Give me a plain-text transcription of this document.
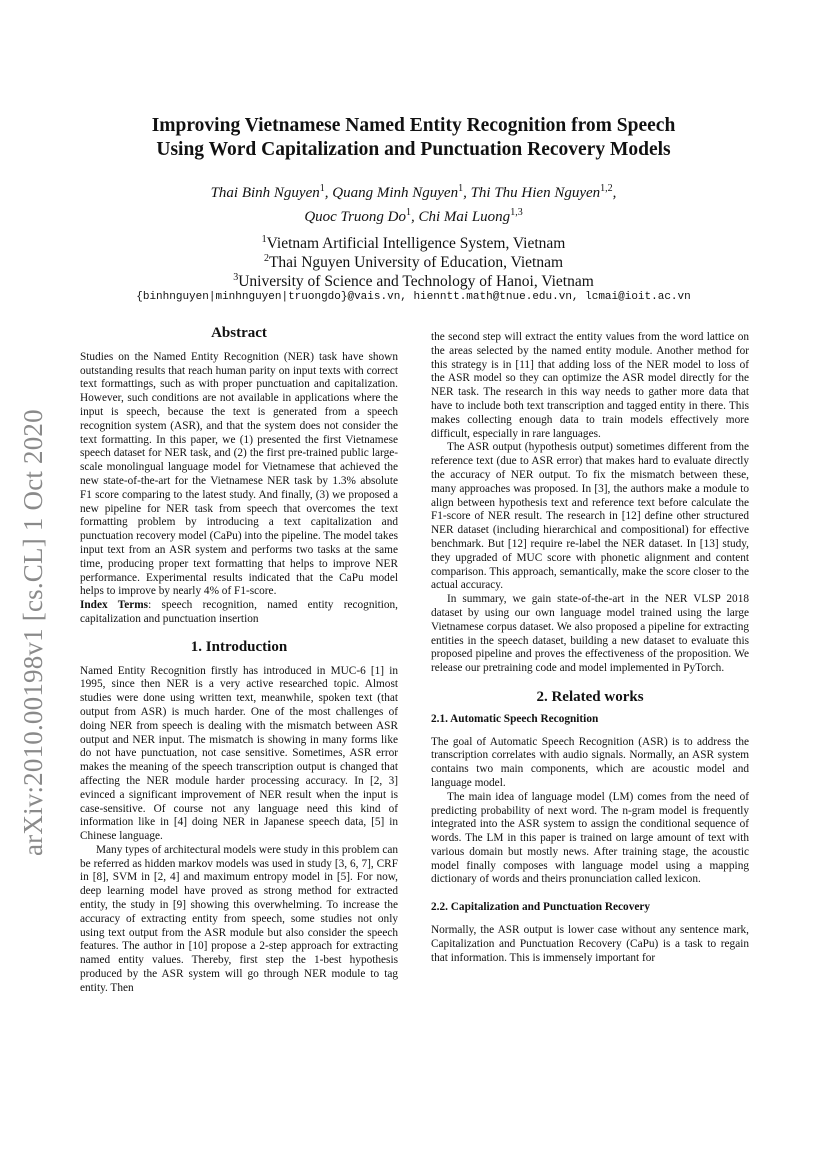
arXiv:2010.00198v1 [cs.CL] 1 Oct 2020
Improving Vietnamese Named Entity Recognition from Speech
Using Word Capitalization and Punctuation Recovery Models
Thai Binh Nguyen$^1$, Quang Minh Nguyen$^1$, Thi Thu Hien Nguyen$^{1,2}$,
Quoc Truong Do$^1$, Chi Mai Luong$^{1,3}$
$^1$Vietnam Artificial Intelligence System, Vietnam
$^2$Thai Nguyen University of Education, Vietnam
$^3$University of Science and Technology of Hanoi, Vietnam
{binhnguyen|minhnguyen|truongdo}@vais.vn, hienntt.math@tnue.edu.vn, lcmai@ioit.ac.vn
Abstract

Studies on the Named Entity Recognition (NER) task have shown outstanding results that reach human parity on input texts with correct text formattings, such as with proper punctuation and capitalization. However, such conditions are not available in applications where the input is speech, because the text is generated from a speech recognition system (ASR), and that the system does not consider the text formatting. In this paper, we (1) presented the first Vietnamese speech dataset for NER task, and (2) the first pre-trained public large-scale monolingual language model for Vietnamese that achieved the new state-of-the-art for the Vietnamese NER task by 1.3% absolute F1 score comparing to the latest study. And finally, (3) we proposed a new pipeline for NER task from speech that overcomes the text formatting problem by introducing a text capitalization and punctuation recovery model (CaPu) into the pipeline. The model takes input text from an ASR system and performs two tasks at the same time, producing proper text formatting that helps to improve NER performance. Experimental results indicated that the CaPu model helps to improve by nearly 4% of F1-score.

Index Terms: speech recognition, named entity recognition, capitalization and punctuation insertion

1. Introduction

Named Entity Recognition firstly has introduced in MUC-6 [1] in 1995, since then NER is a very active researched topic. Almost studies were done using written text, meanwhile, spoken text (that output from ASR) is much harder. One of the most challenges of doing NER from speech is dealing with the mismatch between ASR output and NER input. The mismatch is showing in many forms like do not have punctuation, not case sensitive. Sometimes, ASR error makes the meaning of the speech transcription output is changed that affecting the NER module harder processing accuracy. In [2, 3] evinced a significant improvement of NER result when the input is case-sensitive. Of course not any language need this kind of information like in [4] doing NER in Japanese speech data, [5] in Chinese language.

Many types of architectural models were study in this problem can be referred as hidden markov models was used in study [3, 6, 7], CRF in [8], SVM in [2, 4] and maximum entropy model in [5]. For now, deep learning model have proved as strong method for extracted entity, the study in [9] showing this overwhelming. To increase the accuracy of extracting entity from speech, some studies not only using text output from the ASR module but also consider the speech features. The author in [10] propose a 2-step approach for extracting named entity values. Thereby, first step the 1-best hypothesis produced by the ASR system will go through NER module to tag entity. Then

the second step will extract the entity values from the word lattice on the areas selected by the named entity module. Another method for this strategy is in [11] that adding loss of the NER model to loss of the ASR model so they can optimize the ASR model directly for the NER task. The research in this way needs to gather more data that have to include both text transcription and tagged entity in there. This makes collecting enough data to train models effectively more difficult, especially in rare languages.

The ASR output (hypothesis output) sometimes different from the reference text (due to ASR error) that makes hard to evaluate directly the accuracy of NER output. To fix the mismatch between these, many approaches was proposed. In [3], the authors make a module to align between hypothesis text and reference text before calculate the F1-score of NER result. The research in [12] define other structured NER dataset (including hierarchical and compositional) for effective benchmark. But [12] require re-label the NER dataset. In [13] study, they upgraded of MUC score with phonetic alignment and content comparison. This approach, semantically, make the score closer to the actual accuracy.

In summary, we gain state-of-the-art in the NER VLSP 2018 dataset by using our own language model trained using the large Vietnamese corpus dataset. We also proposed a pipeline for extracting entities in the speech dataset, building a new dataset to evaluate this proposed pipeline and proves the effectiveness of the proposition. We release our pretraining code and model implemented in PyTorch.

2. Related works
2.1. Automatic Speech Recognition

The goal of Automatic Speech Recognition (ASR) is to address the transcription correlates with audio signals. Normally, an ASR system contains two main components, which are acoustic model and language model.

The main idea of language model (LM) comes from the need of predicting probability of next word. The n-gram model is frequently integrated into the ASR system to assign the conditional sequence of words. The LM in this paper is trained on large amount of text with various domain but mostly news. After training stage, the acoustic model finally composes with language model using a mapping dictionary of words and theirs pronunciation called lexicon.

2.2. Capitalization and Punctuation Recovery

Normally, the ASR output is lower case without any sentence mark, Capitalization and Punctuation Recovery (CaPu) is a task to regain that information. This is immensely important for
